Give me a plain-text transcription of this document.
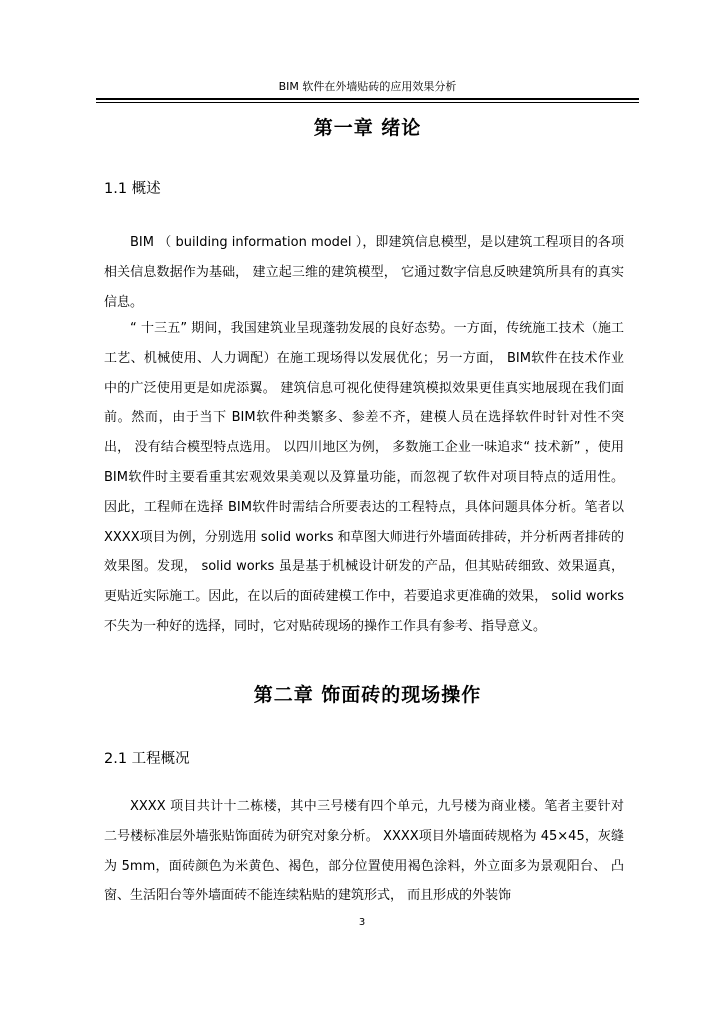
BIM 软件在外墙贴砖的应用效果分析
第一章 绪论
1.1 概述
BIM （ building information model ），即建筑信息模型，是以建筑工程项目的各项相关信息数据作为基础， 建立起三维的建筑模型， 它通过数字信息反映建筑所具有的真实信息。
“ 十三五” 期间，我国建筑业呈现蓬勃发展的良好态势。一方面，传统施工技术（施工工艺、机械使用、人力调配）在施工现场得以发展优化；另一方面， BIM软件在技术作业中的广泛使用更是如虎添翼。 建筑信息可视化使得建筑模拟效果更佳真实地展现在我们面前。然而，由于当下 BIM软件种类繁多、参差不齐，建模人员在选择软件时针对性不突出， 没有结合模型特点选用。 以四川地区为例， 多数施工企业一味追求“ 技术新” ，使用 BIM软件时主要看重其宏观效果美观以及算量功能，而忽视了软件对项目特点的适用性。 因此，工程师在选择 BIM软件时需结合所要表达的工程特点，具体问题具体分析。笔者以 XXXX项目为例，分别选用 solid works 和草图大师进行外墙面砖排砖，并分析两者排砖的效果图。发现， solid works 虽是基于机械设计研发的产品，但其贴砖细致、效果逼真，更贴近实际施工。因此，在以后的面砖建模工作中，若要追求更准确的效果， solid works 不失为一种好的选择，同时，它对贴砖现场的操作工作具有参考、指导意义。
第二章 饰面砖的现场操作
2.1 工程概况
XXXX 项目共计十二栋楼，其中三号楼有四个单元，九号楼为商业楼。笔者主要针对二号楼标准层外墙张贴饰面砖为研究对象分析。 XXXX项目外墙面砖规格为 45×45，灰缝为 5mm，面砖颜色为米黄色、褐色，部分位置使用褐色涂料，外立面多为景观阳台、 凸窗、生活阳台等外墙面砖不能连续粘贴的建筑形式， 而且形成的外装饰
3
